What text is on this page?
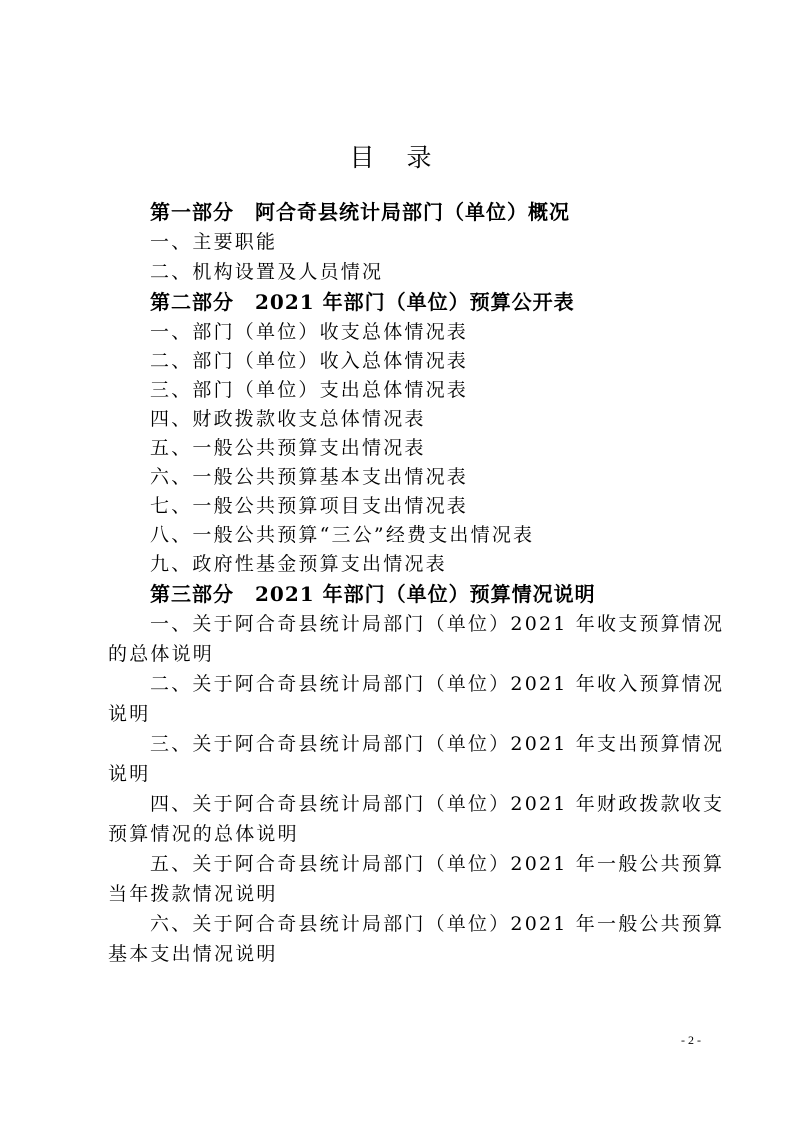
目 录
第一部分　阿合奇县统计局部门（单位）概况
一、主要职能
二、机构设置及人员情况
第二部分　2021 年部门（单位）预算公开表
一、部门（单位）收支总体情况表
二、部门（单位）收入总体情况表
三、部门（单位）支出总体情况表
四、财政拨款收支总体情况表
五、一般公共预算支出情况表
六、一般公共预算基本支出情况表
七、一般公共预算项目支出情况表
八、一般公共预算“三公”经费支出情况表
九、政府性基金预算支出情况表
第三部分　2021 年部门（单位）预算情况说明
一、关于阿合奇县统计局部门（单位）2021 年收支预算情况
的总体说明
二、关于阿合奇县统计局部门（单位）2021 年收入预算情况
说明
三、关于阿合奇县统计局部门（单位）2021 年支出预算情况
说明
四、关于阿合奇县统计局部门（单位）2021 年财政拨款收支
预算情况的总体说明
五、关于阿合奇县统计局部门（单位）2021 年一般公共预算
当年拨款情况说明
六、关于阿合奇县统计局部门（单位）2021 年一般公共预算
基本支出情况说明
- 2 -
